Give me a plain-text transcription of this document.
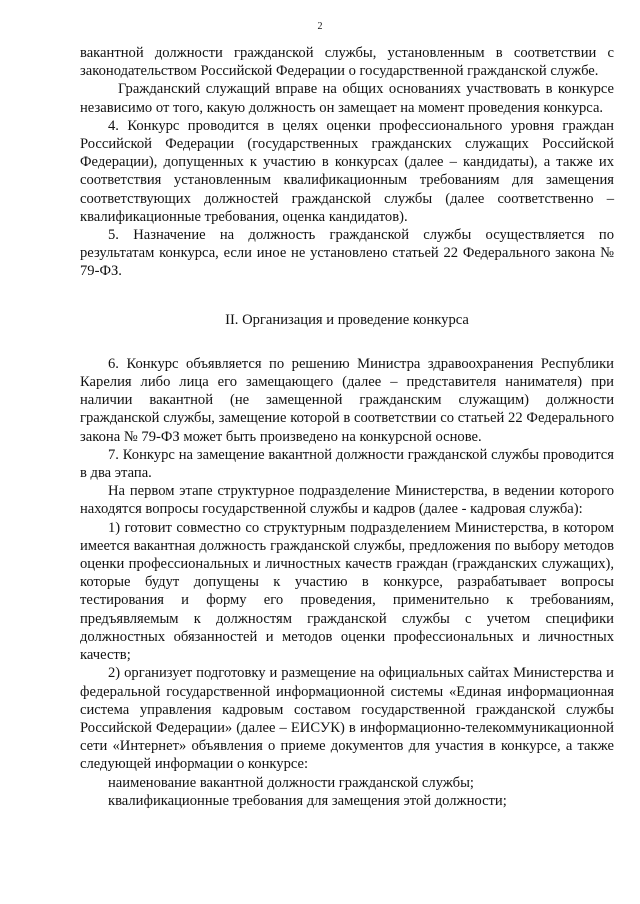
2

вакантной должности гражданской службы, установленным в соответствии с законодательством Российской Федерации о государственной гражданской службе.

Гражданский служащий вправе на общих основаниях участвовать в конкурсе независимо от того, какую должность он замещает на момент проведения конкурса.

4. Конкурс проводится в целях оценки профессионального уровня граждан Российской Федерации (государственных гражданских служащих Российской Федерации), допущенных к участию в конкурсах (далее – кандидаты), а также их соответствия установленным квалификационным требованиям для замещения соответствующих должностей гражданской службы (далее соответственно – квалификационные требования, оценка кандидатов).

5. Назначение на должность гражданской службы осуществляется по результатам конкурса, если иное не установлено статьей 22 Федерального закона № 79-ФЗ.

II. Организация и проведение конкурса

6. Конкурс объявляется по решению Министра здравоохранения Республики Карелия либо лица его замещающего (далее – представителя нанимателя) при наличии вакантной (не замещенной гражданским служащим) должности гражданской службы, замещение которой в соответствии со статьей 22 Федерального закона № 79-ФЗ может быть произведено на конкурсной основе.

7. Конкурс на замещение вакантной должности гражданской службы проводится в два этапа.

На первом этапе структурное подразделение Министерства, в ведении которого находятся вопросы государственной службы и кадров (далее - кадровая служба):

1) готовит совместно со структурным подразделением Министерства, в котором имеется вакантная должность гражданской службы, предложения по выбору методов оценки профессиональных и личностных качеств граждан (гражданских служащих), которые будут допущены к участию в конкурсе, разрабатывает вопросы тестирования и форму его проведения, применительно к требованиям, предъявляемым к должностям гражданской службы с учетом специфики должностных обязанностей и методов оценки профессиональных и личностных качеств;

2) организует подготовку и размещение на официальных сайтах Министерства и федеральной государственной информационной системы «Единая информационная система управления кадровым составом государственной гражданской службы Российской Федерации» (далее – ЕИСУК) в информационно-телекоммуникационной сети «Интернет» объявления о приеме документов для участия в конкурсе, а также следующей информации о конкурсе:

наименование вакантной должности гражданской службы;

квалификационные требования для замещения этой должности;
